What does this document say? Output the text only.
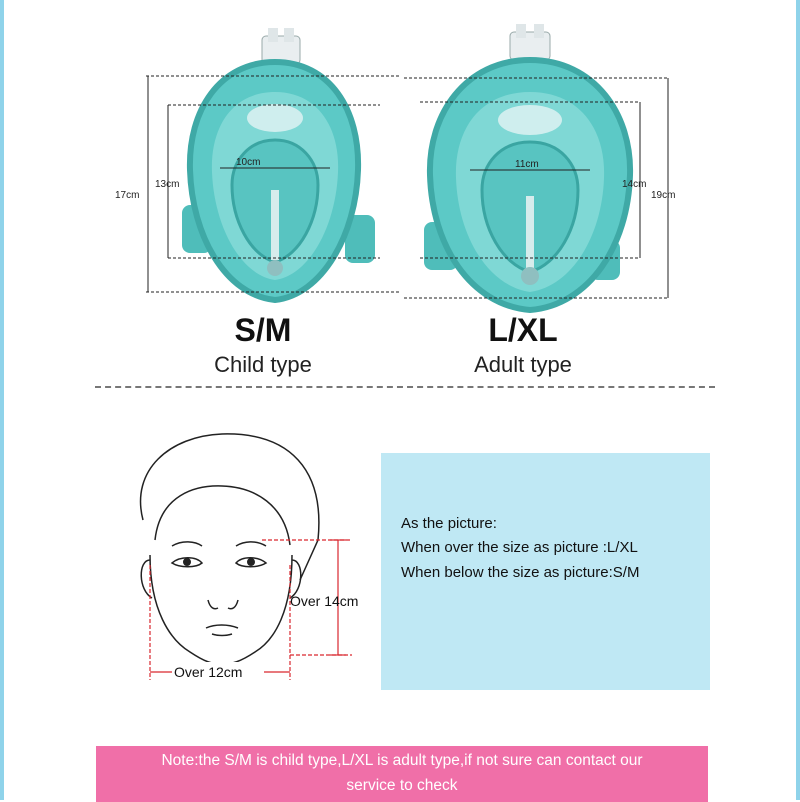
10cm
17cm
13cm
11cm
19cm
14cm
Over 14cm
Over 12cm
S/M
Child type
L/XL
Adult type
As the picture:
When over the size as picture :L/XL
When below the size as picture:S/M
Note:the S/M is child type,L/XL is adult type,if not sure can contact our
service to check
